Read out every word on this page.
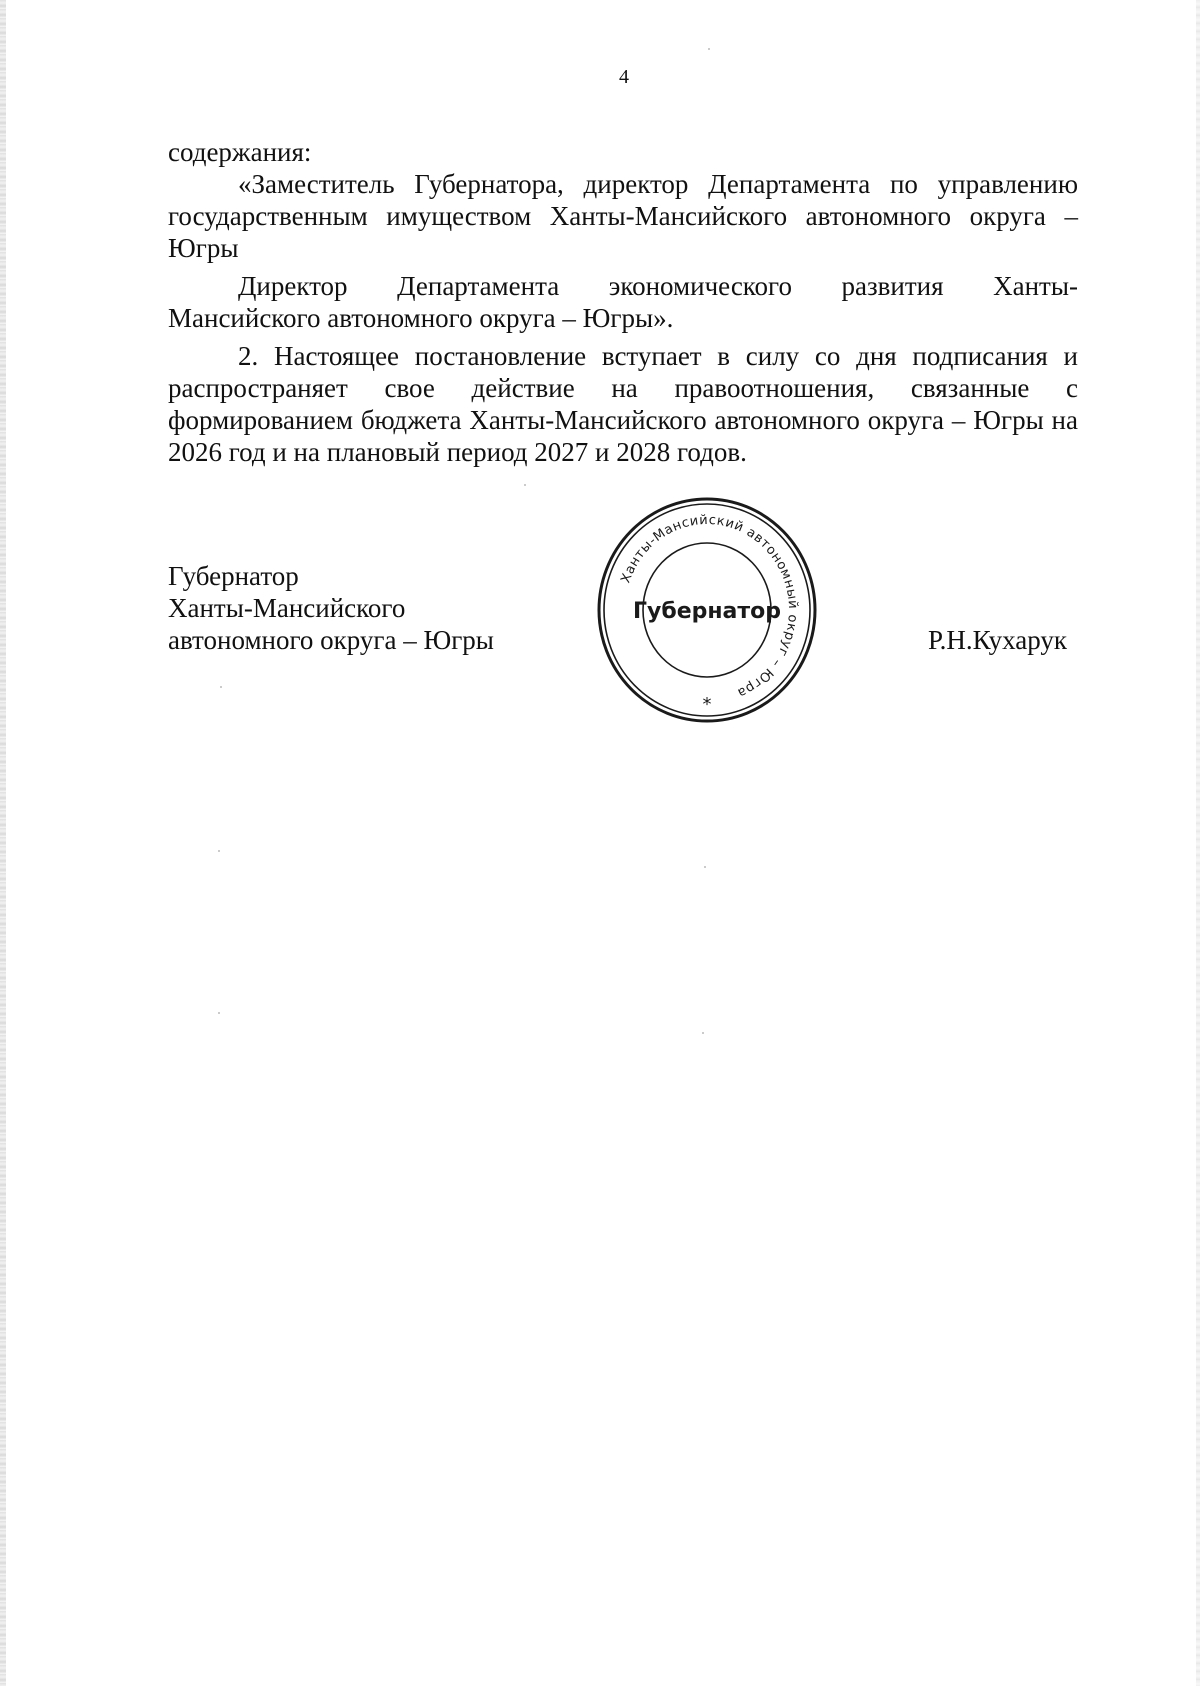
4

содержания:

«Заместитель Губернатора, директор Департамента по управлению государственным имуществом Ханты-Мансийского автономного округа – Югры

Директор Департамента экономического развития Ханты-

Мансийского автономного округа – Югры».

2. Настоящее постановление вступает в силу со дня подписания и распространяет свое действие на правоотношения, связанные с формированием бюджета Ханты-Мансийского автономного округа – Югры на 2026 год и на плановый период 2027 и 2028 годов.

Губернатор
Ханты-Мансийского
автономного округа – Югры
Ханты-Мансийский автономный округ – Югра
Губернатор
*
Р.Н.Кухарук
